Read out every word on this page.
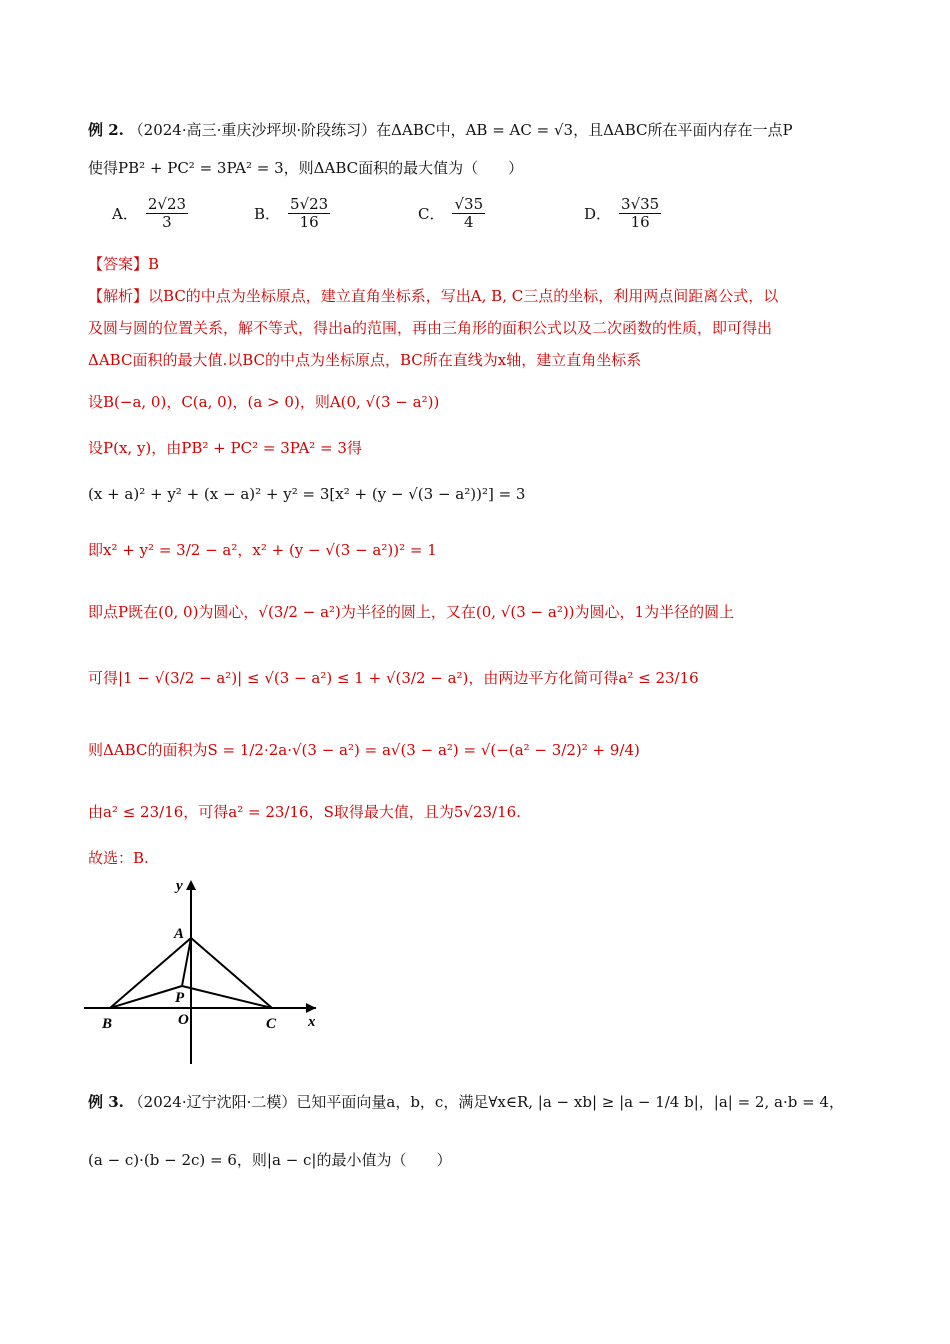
例 2. （2024·高三·重庆沙坪坝·阶段练习）在ΔABC中，AB = AC = √3，且ΔABC所在平面内存在一点P
使得PB² + PC² = 3PA² = 3，则ΔABC面积的最大值为（　　）
A． $\frac{2√23}{3}$	B． $\frac{5√23}{16}$	C． $\frac{√35}{4}$	D． $\frac{3√35}{16}$
【答案】B
【解析】以BC的中点为坐标原点，建立直角坐标系，写出A, B, C三点的坐标，利用两点间距离公式，以
及圆与圆的位置关系，解不等式，得出a的范围，再由三角形的面积公式以及二次函数的性质，即可得出
ΔABC面积的最大值.以BC的中点为坐标原点，BC所在直线为x轴，建立直角坐标系
设B(−a, 0)，C(a, 0)，(a > 0)，则A(0, √(3 − a²))
设P(x, y)，由PB² + PC² = 3PA² = 3得
(x + a)² + y² + (x − a)² + y² = 3[x² + (y − √(3 − a²))²] = 3
即x² + y² = 3/2 − a²，x² + (y − √(3 − a²))² = 1
即点P既在(0, 0)为圆心，√(3/2 − a²)为半径的圆上，又在(0, √(3 − a²))为圆心，1为半径的圆上
可得|1 − √(3/2 − a²)| ≤ √(3 − a²) ≤ 1 + √(3/2 − a²)，由两边平方化简可得a² ≤ 23/16
则ΔABC的面积为S = 1/2·2a·√(3 − a²) = a√(3 − a²) = √(−(a² − 3/2)² + 9/4)
由a² ≤ 23/16，可得a² = 23/16，S取得最大值，且为5√23/16.
故选：B.
y
x
A
P
B	O	C
例 3. （2024·辽宁沈阳·二模）已知平面向量a，b，c，满足∀x∈R, |a − xb| ≥ |a − 1/4 b|，|a| = 2, a·b = 4，
(a − c)·(b − 2c) = 6，则|a − c|的最小值为（　　）
